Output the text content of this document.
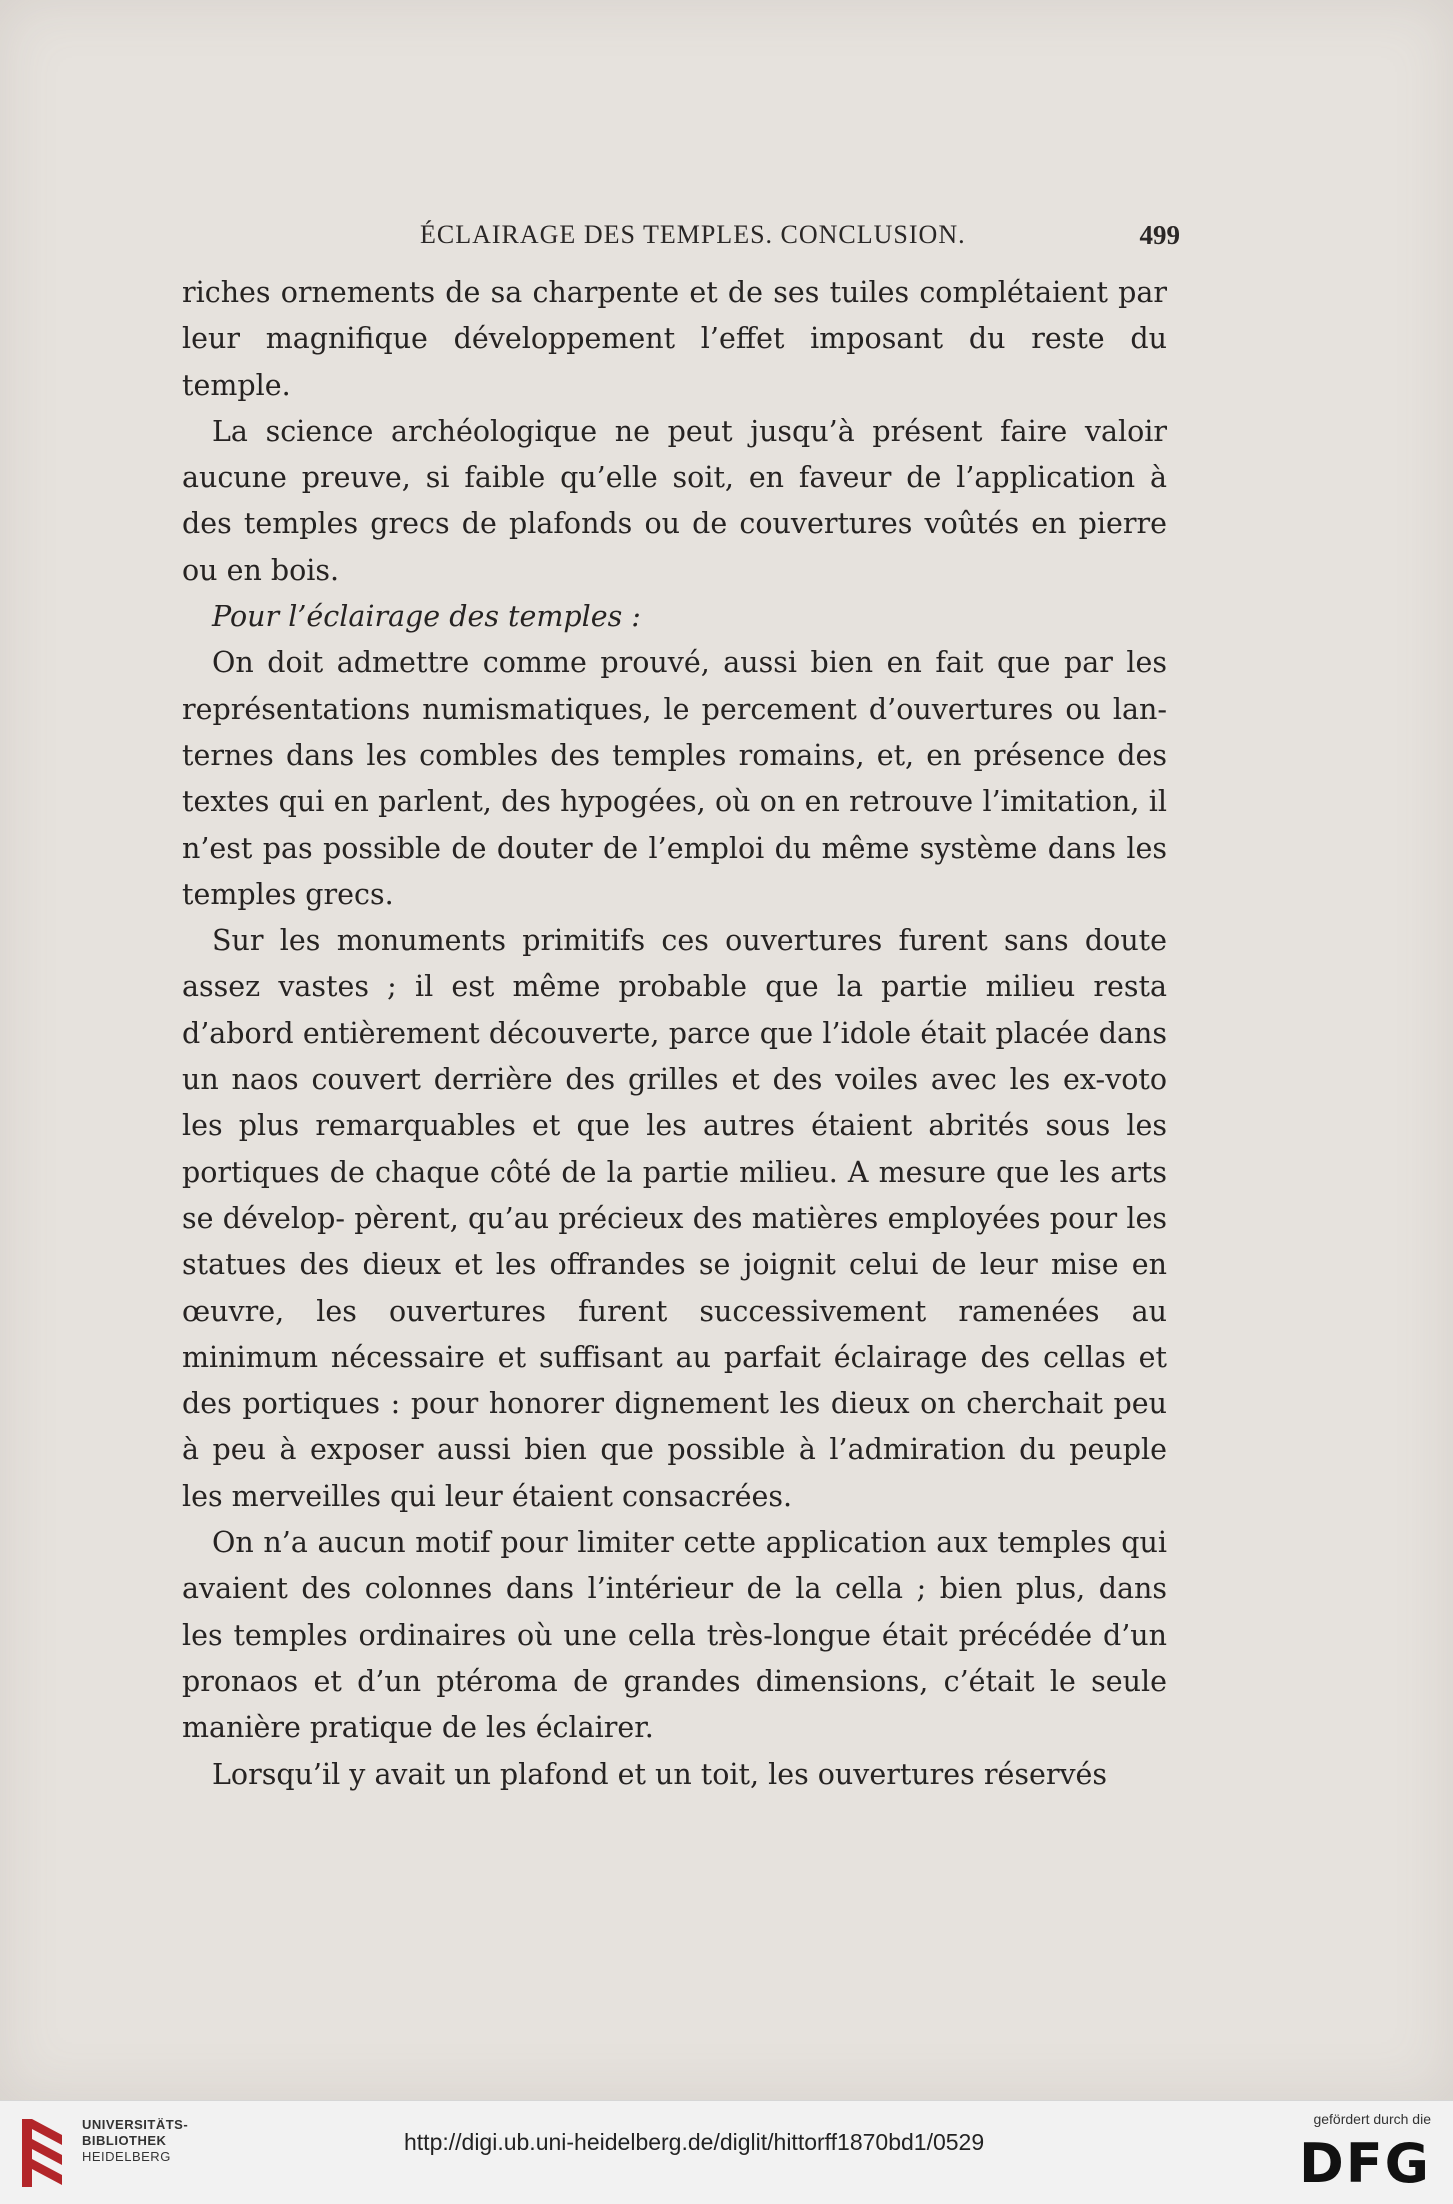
ÉCLAIRAGE DES TEMPLES. CONCLUSION.	499

riches ornements de sa charpente et de ses tuiles complétaient par leur magnifique développement l’effet imposant du reste du temple.

La science archéologique ne peut jusqu’à présent faire valoir aucune preuve, si faible qu’elle soit, en faveur de l’application à des temples grecs de plafonds ou de couvertures voûtés en pierre ou en bois.

Pour l’éclairage des temples :

On doit admettre comme prouvé, aussi bien en fait que par les représentations numismatiques, le percement d’ouvertures ou lan- ternes dans les combles des temples romains, et, en présence des textes qui en parlent, des hypogées, où on en retrouve l’imitation, il n’est pas possible de douter de l’emploi du même système dans les temples grecs.

Sur les monuments primitifs ces ouvertures furent sans doute assez vastes ; il est même probable que la partie milieu resta d’abord entièrement découverte, parce que l’idole était placée dans un naos couvert derrière des grilles et des voiles avec les ex-voto les plus remarquables et que les autres étaient abrités sous les portiques de chaque côté de la partie milieu. A mesure que les arts se dévelop- pèrent, qu’au précieux des matières employées pour les statues des dieux et les offrandes se joignit celui de leur mise en œuvre, les ouvertures furent successivement ramenées au minimum nécessaire et suffisant au parfait éclairage des cellas et des portiques : pour honorer dignement les dieux on cherchait peu à peu à exposer aussi bien que possible à l’admiration du peuple les merveilles qui leur étaient consacrées.

On n’a aucun motif pour limiter cette application aux temples qui avaient des colonnes dans l’intérieur de la cella ; bien plus, dans les temples ordinaires où une cella très-longue était précédée d’un pronaos et d’un ptéroma de grandes dimensions, c’était le seule manière pratique de les éclairer.

Lorsqu’il y avait un plafond et un toit, les ouvertures réservés

UNIVERSITÄTS-
BIBLIOTHEK
HEIDELBERG
http://digi.ub.uni-heidelberg.de/diglit/hittorff1870bd1/0529
gefördert durch die
DFG
